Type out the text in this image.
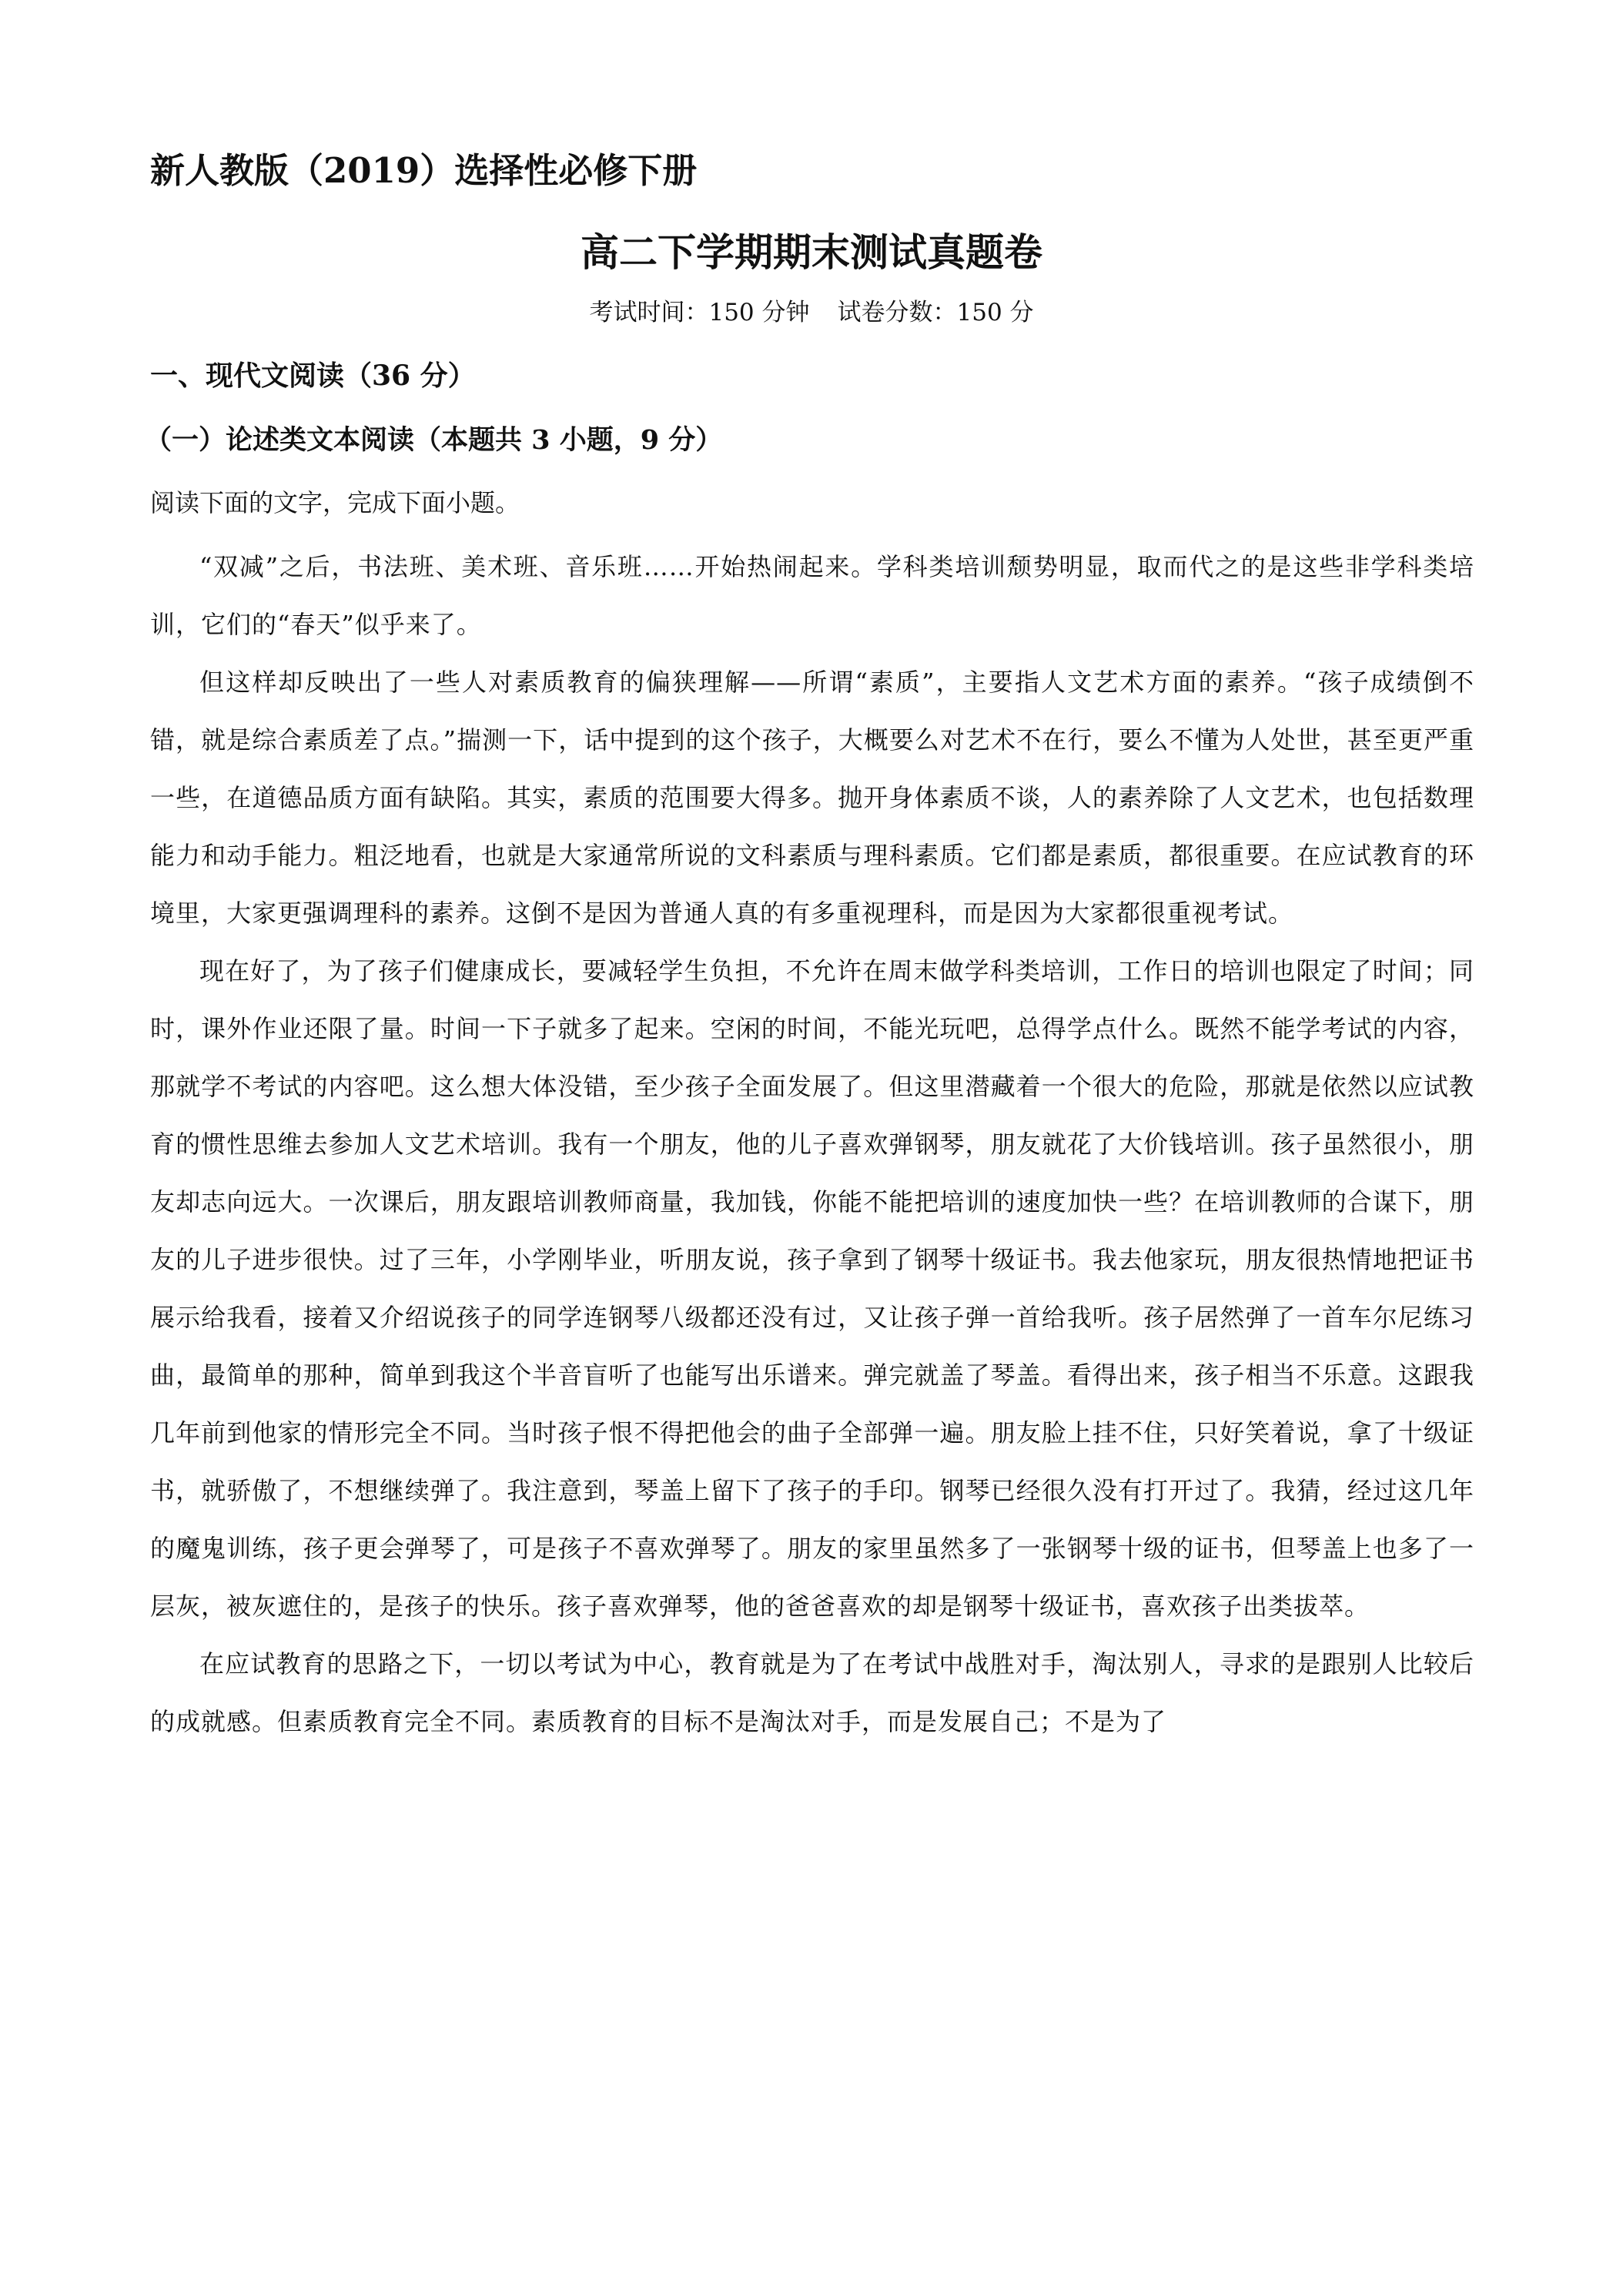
新人教版（2019）选择性必修下册
高二下学期期末测试真题卷
考试时间：150 分钟 试卷分数：150 分
一、现代文阅读（36 分）
（一）论述类文本阅读（本题共 3 小题，9 分）
阅读下面的文字，完成下面小题。

“双减”之后，书法班、美术班、音乐班……开始热闹起来。学科类培训颓势明显，取而代之的是这些非学科类培训，它们的“春天”似乎来了。

但这样却反映出了一些人对素质教育的偏狭理解——所谓“素质”，主要指人文艺术方面的素养。“孩子成绩倒不错，就是综合素质差了点。”揣测一下，话中提到的这个孩子，大概要么对艺术不在行，要么不懂为人处世，甚至更严重一些，在道德品质方面有缺陷。其实，素质的范围要大得多。抛开身体素质不谈，人的素养除了人文艺术，也包括数理能力和动手能力。粗泛地看，也就是大家通常所说的文科素质与理科素质。它们都是素质，都很重要。在应试教育的环境里，大家更强调理科的素养。这倒不是因为普通人真的有多重视理科，而是因为大家都很重视考试。

现在好了，为了孩子们健康成长，要减轻学生负担，不允许在周末做学科类培训，工作日的培训也限定了时间；同时，课外作业还限了量。时间一下子就多了起来。空闲的时间，不能光玩吧，总得学点什么。既然不能学考试的内容，那就学不考试的内容吧。这么想大体没错，至少孩子全面发展了。但这里潜藏着一个很大的危险，那就是依然以应试教育的惯性思维去参加人文艺术培训。我有一个朋友，他的儿子喜欢弹钢琴，朋友就花了大价钱培训。孩子虽然很小，朋友却志向远大。一次课后，朋友跟培训教师商量，我加钱，你能不能把培训的速度加快一些？在培训教师的合谋下，朋友的儿子进步很快。过了三年，小学刚毕业，听朋友说，孩子拿到了钢琴十级证书。我去他家玩，朋友很热情地把证书展示给我看，接着又介绍说孩子的同学连钢琴八级都还没有过，又让孩子弹一首给我听。孩子居然弹了一首车尔尼练习曲，最简单的那种，简单到我这个半音盲听了也能写出乐谱来。弹完就盖了琴盖。看得出来，孩子相当不乐意。这跟我几年前到他家的情形完全不同。当时孩子恨不得把他会的曲子全部弹一遍。朋友脸上挂不住，只好笑着说，拿了十级证书，就骄傲了，不想继续弹了。我注意到，琴盖上留下了孩子的手印。钢琴已经很久没有打开过了。我猜，经过这几年的魔鬼训练，孩子更会弹琴了，可是孩子不喜欢弹琴了。朋友的家里虽然多了一张钢琴十级的证书，但琴盖上也多了一层灰，被灰遮住的，是孩子的快乐。孩子喜欢弹琴，他的爸爸喜欢的却是钢琴十级证书，喜欢孩子出类拔萃。

在应试教育的思路之下，一切以考试为中心，教育就是为了在考试中战胜对手，淘汰别人，寻求的是跟别人比较后的成就感。但素质教育完全不同。素质教育的目标不是淘汰对手，而是发展自己；不是为了
